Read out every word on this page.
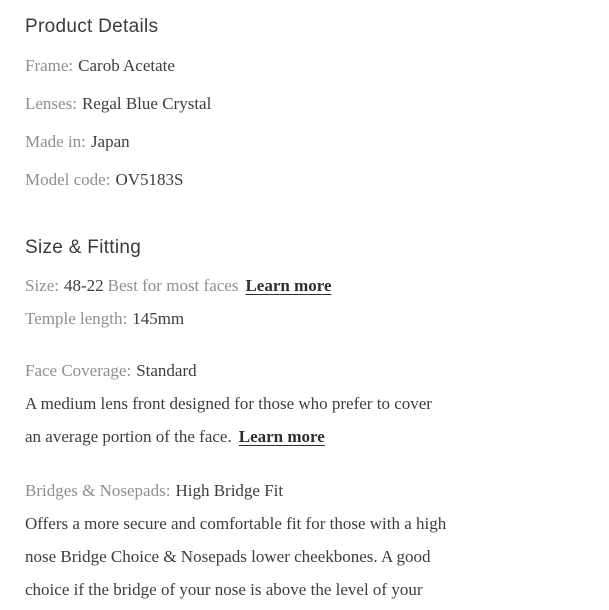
Product Details
Frame: Carob Acetate
Lenses: Regal Blue Crystal
Made in: Japan
Model code: OV5183S
Size & Fitting
Size: 48-22 Best for most faces Learn more
Temple length: 145mm
Face Coverage: Standard
A medium lens front designed for those who prefer to cover
an average portion of the face. Learn more
Bridges & Nosepads: High Bridge Fit
Offers a more secure and comfortable fit for those with a high
nose Bridge Choice & Nosepads lower cheekbones. A good
choice if the bridge of your nose is above the level of your
